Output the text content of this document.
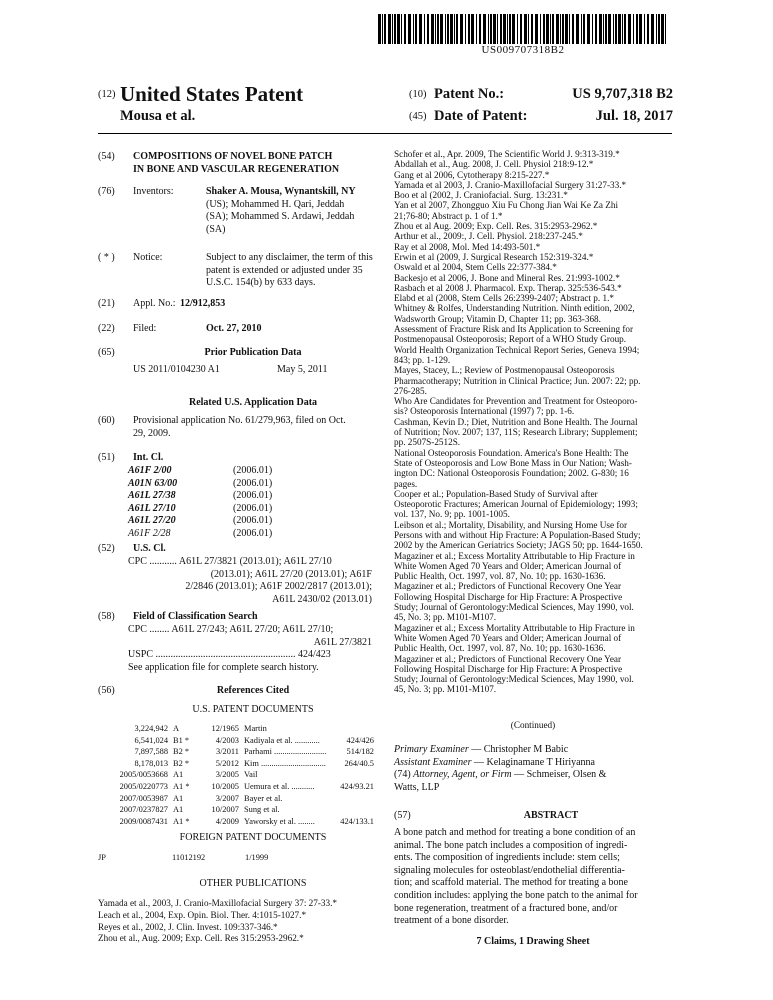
US009707318B2
(12) United States Patent
Mousa et al.
(10) Patent No.:	US 9,707,318 B2
(45) Date of Patent:	Jul. 18, 2017
(54) COMPOSITIONS OF NOVEL BONE PATCH
IN BONE AND VASCULAR REGENERATION
(76) Inventors:	Shaker A. Mousa, Wynantskill, NY
(US); Mohammed H. Qari, Jeddah
(SA); Mohammed S. Ardawi, Jeddah
(SA)
( * ) Notice:	Subject to any disclaimer, the term of this
patent is extended or adjusted under 35
U.S.C. 154(b) by 633 days.
(21) Appl. No.: 12/912,853
(22) Filed:	Oct. 27, 2010
(65)	Prior Publication Data
US 2011/0104230 A1	May 5, 2011
Related U.S. Application Data
(60) Provisional application No. 61/279,963, filed on Oct.
29, 2009.
(51) Int. Cl.
A61F 2/00	(2006.01)
A01N 63/00	(2006.01)
A61L 27/38	(2006.01)
A61L 27/10	(2006.01)
A61L 27/20	(2006.01)
A61F 2/28	(2006.01)
(52) U.S. Cl.
CPC ........... A61L 27/3821 (2013.01); A61L 27/10
(2013.01); A61L 27/20 (2013.01); A61F
2/2846 (2013.01); A61F 2002/2817 (2013.01);
A61L 2430/02 (2013.01)
(58) Field of Classification Search
CPC ........ A61L 27/243; A61L 27/20; A61L 27/10;
A61L 27/3821
USPC ........................................................ 424/423
See application file for complete search history.
(56)	References Cited
U.S. PATENT DOCUMENTS
3,224,942 A	12/1965 Martin
6,541,024 B1 *	4/2003 Kadiyala et al. ............	424/426
7,897,588 B2 *	3/2011 Parhami .........................	514/182
8,178,013 B2 *	5/2012 Kim ...............................	264/40.5
2005/0053668 A1	3/2005 Vail
2005/0220773 A1 *	10/2005 Uemura et al. ...........	424/93.21
2007/0053987 A1	3/2007 Bayer et al.
2007/0237827 A1	10/2007 Sung et al.
2009/0087431 A1 *	4/2009 Yaworsky et al. ........	424/133.1
FOREIGN PATENT DOCUMENTS
JP	11012192	1/1999
OTHER PUBLICATIONS
Yamada et al., 2003, J. Cranio-Maxillofacial Surgery 37: 27-33.*
Leach et al., 2004, Exp. Opin. Biol. Ther. 4:1015-1027.*
Reyes et al., 2002, J. Clin. Invest. 109:337-346.*
Zhou et al., Aug. 2009; Exp. Cell. Res 315:2953-2962.*
Schofer et al., Apr. 2009, The Scientific World J. 9:313-319.*
Abdallah et al., Aug. 2008, J. Cell. Physiol 218:9-12.*
Gang et al 2006, Cytotherapy 8:215-227.*
Yamada et al 2003, J. Cranio-Maxillofacial Surgery 31:27-33.*
Boo et al (2002, J. Craniofacial. Surg. 13:231.*
Yan et al 2007, Zhongguo Xiu Fu Chong Jian Wai Ke Za Zhi
21;76-80; Abstract p. 1 of 1.*
Zhou et al Aug. 2009; Exp. Cell. Res. 315:2953-2962.*
Arthur et al., 2009:, J. Cell. Physiol. 218:237-245.*
Ray et al 2008, Mol. Med 14:493-501.*
Erwin et al (2009, J. Surgical Research 152:319-324.*
Oswald et al 2004, Stem Cells 22:377-384.*
Backesjo et al 2006, J. Bone and Mineral Res. 21:993-1002.*
Rasbach et al 2008 J. Pharmacol. Exp. Therap. 325:536-543.*
Elabd et al (2008, Stem Cells 26:2399-2407; Abstract p. 1.*
Whitney & Rolfes, Understanding Nutrition. Ninth edition, 2002,
Wadsworth Group; Vitamin D, Chapter 11; pp. 363-368.
Assessment of Fracture Risk and Its Application to Screening for
Postmenopausal Osteoporosis; Report of a WHO Study Group.
World Health Organization Technical Report Series, Geneva 1994;
843; pp. 1-129.
Mayes, Stacey, L.; Review of Postmenopausal Osteoporosis
Pharmacotherapy; Nutrition in Clinical Practice; Jun. 2007: 22; pp.
276-285.
Who Are Candidates for Prevention and Treatment for Osteoporo-
sis? Osteoporosis International (1997) 7; pp. 1-6.
Cashman, Kevin D.; Diet, Nutrition and Bone Health. The Journal
of Nutrition; Nov. 2007; 137, 11S; Research Library; Supplement;
pp. 2507S-2512S.
National Osteoporosis Foundation. America's Bone Health: The
State of Osteoporosis and Low Bone Mass in Our Nation; Wash-
ington DC: National Osteoporosis Foundation; 2002. G-830; 16
pages.
Cooper et al.; Population-Based Study of Survival after
Osteoporotic Fractures; American Journal of Epidemiology; 1993;
vol. 137, No. 9; pp. 1001-1005.
Leibson et al.; Mortality, Disability, and Nursing Home Use for
Persons with and without Hip Fracture: A Population-Based Study;
2002 by the American Geriatrics Society; JAGS 50; pp. 1644-1650.
Magaziner et al.; Excess Mortality Attributable to Hip Fracture in
White Women Aged 70 Years and Older; American Journal of
Public Health, Oct. 1997, vol. 87, No. 10; pp. 1630-1636.
Magaziner et al.; Predictors of Functional Recovery One Year
Following Hospital Discharge for Hip Fracture: A Prospective
Study; Journal of Gerontology:Medical Sciences, May 1990, vol.
45, No. 3; pp. M101-M107.
Magaziner et al.; Excess Mortality Attributable to Hip Fracture in
White Women Aged 70 Years and Older; American Journal of
Public Health, Oct. 1997, vol. 87, No. 10; pp. 1630-1636.
Magaziner et al.; Predictors of Functional Recovery One Year
Following Hospital Discharge for Hip Fracture: A Prospective
Study; Journal of Gerontology:Medical Sciences, May 1990, vol.
45, No. 3; pp. M101-M107.
(Continued)
Primary Examiner — Christopher M Babic
Assistant Examiner — Kelaginamane T Hiriyanna
(74) Attorney, Agent, or Firm — Schmeiser, Olsen &
Watts, LLP
(57)	ABSTRACT
A bone patch and method for treating a bone condition of an
animal. The bone patch includes a composition of ingredi-
ents. The composition of ingredients include: stem cells;
signaling molecules for osteoblast/endothelial differentia-
tion; and scaffold material. The method for treating a bone
condition includes: applying the bone patch to the animal for
bone regeneration, treatment of a fractured bone, and/or
treatment of a bone disorder.
7 Claims, 1 Drawing Sheet
